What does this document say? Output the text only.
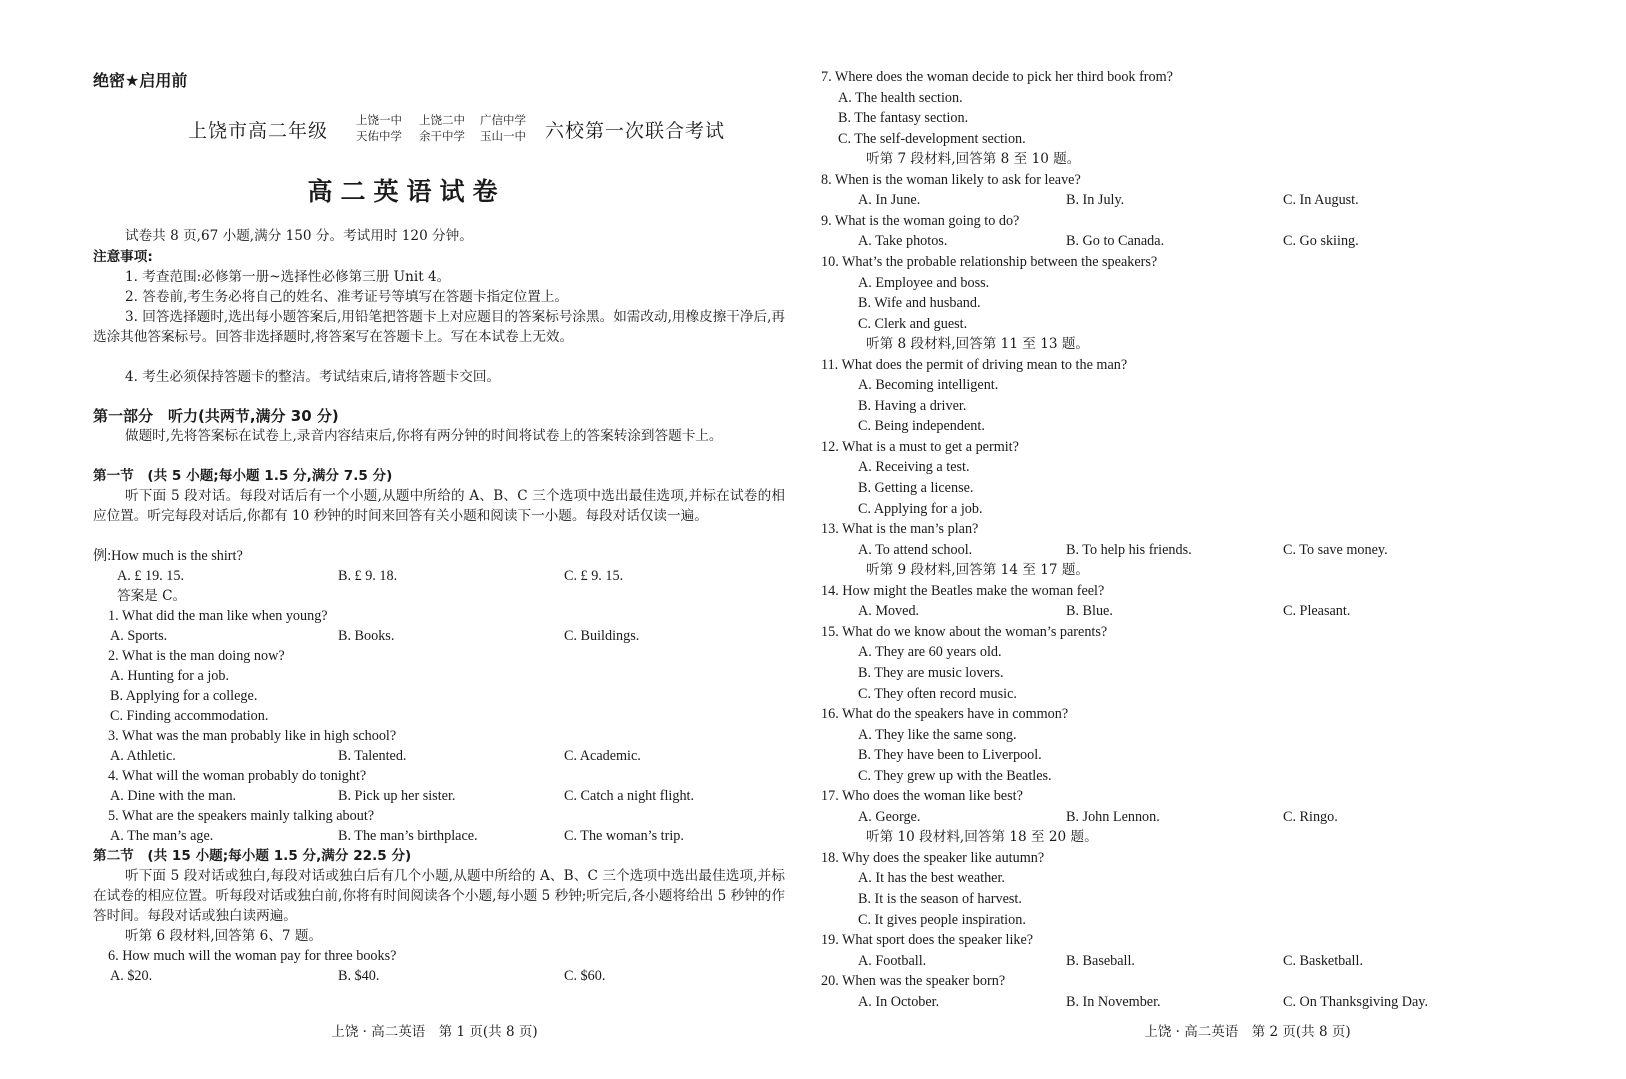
绝密★启用前
上饶市高二年级 上饶一中 上饶二中 广信中学
天佑中学 余干中学 玉山一中 六校第一次联合考试
高二英语试卷
试卷共 8 页,67 小题,满分 150 分。考试用时 120 分钟。
注意事项:
1. 考查范围:必修第一册~选择性必修第三册 Unit 4。
2. 答卷前,考生务必将自己的姓名、准考证号等填写在答题卡指定位置上。
3. 回答选择题时,选出每小题答案后,用铅笔把答题卡上对应题目的答案标号涂黑。如需改动,用橡皮擦干净后,再选涂其他答案标号。回答非选择题时,将答案写在答题卡上。写在本试卷上无效。
4. 考生必须保持答题卡的整洁。考试结束后,请将答题卡交回。
第一部分　听力(共两节,满分 30 分)
做题时,先将答案标在试卷上,录音内容结束后,你将有两分钟的时间将试卷上的答案转涂到答题卡上。
第一节　(共 5 小题;每小题 1.5 分,满分 7.5 分)
听下面 5 段对话。每段对话后有一个小题,从题中所给的 A、B、C 三个选项中选出最佳选项,并标在试卷的相应位置。听完每段对话后,你都有 10 秒钟的时间来回答有关小题和阅读下一小题。每段对话仅读一遍。
例:How much is the shirt?
A. £ 19. 15.	B. £ 9. 18.	C. £ 9. 15.
答案是 C。
1. What did the man like when young?
A. Sports.	B. Books.	C. Buildings.
2. What is the man doing now?
A. Hunting for a job.
B. Applying for a college.
C. Finding accommodation.
3. What was the man probably like in high school?
A. Athletic.	B. Talented.	C. Academic.
4. What will the woman probably do tonight?
A. Dine with the man.	B. Pick up her sister.	C. Catch a night flight.
5. What are the speakers mainly talking about?
A. The man’s age.	B. The man’s birthplace.	C. The woman’s trip.
第二节　(共 15 小题;每小题 1.5 分,满分 22.5 分)
听下面 5 段对话或独白,每段对话或独白后有几个小题,从题中所给的 A、B、C 三个选项中选出最佳选项,并标在试卷的相应位置。听每段对话或独白前,你将有时间阅读各个小题,每小题 5 秒钟;听完后,各小题将给出 5 秒钟的作答时间。每段对话或独白读两遍。
听第 6 段材料,回答第 6、7 题。
6. How much will the woman pay for three books?
A. $20.	B. $40.	C. $60.
上饶 · 高二英语　第 1 页(共 8 页)
7. Where does the woman decide to pick her third book from?
A. The health section.
B. The fantasy section.
C. The self-development section.
听第 7 段材料,回答第 8 至 10 题。
8. When is the woman likely to ask for leave?
A. In June.	B. In July.	C. In August.
9. What is the woman going to do?
A. Take photos.	B. Go to Canada.	C. Go skiing.
10. What’s the probable relationship between the speakers?
A. Employee and boss.
B. Wife and husband.
C. Clerk and guest.
听第 8 段材料,回答第 11 至 13 题。
11. What does the permit of driving mean to the man?
A. Becoming intelligent.
B. Having a driver.
C. Being independent.
12. What is a must to get a permit?
A. Receiving a test.
B. Getting a license.
C. Applying for a job.
13. What is the man’s plan?
A. To attend school.	B. To help his friends.	C. To save money.
听第 9 段材料,回答第 14 至 17 题。
14. How might the Beatles make the woman feel?
A. Moved.	B. Blue.	C. Pleasant.
15. What do we know about the woman’s parents?
A. They are 60 years old.
B. They are music lovers.
C. They often record music.
16. What do the speakers have in common?
A. They like the same song.
B. They have been to Liverpool.
C. They grew up with the Beatles.
17. Who does the woman like best?
A. George.	B. John Lennon.	C. Ringo.
听第 10 段材料,回答第 18 至 20 题。
18. Why does the speaker like autumn?
A. It has the best weather.
B. It is the season of harvest.
C. It gives people inspiration.
19. What sport does the speaker like?
A. Football.	B. Baseball.	C. Basketball.
20. When was the speaker born?
A. In October.	B. In November.	C. On Thanksgiving Day.
上饶 · 高二英语　第 2 页(共 8 页)
